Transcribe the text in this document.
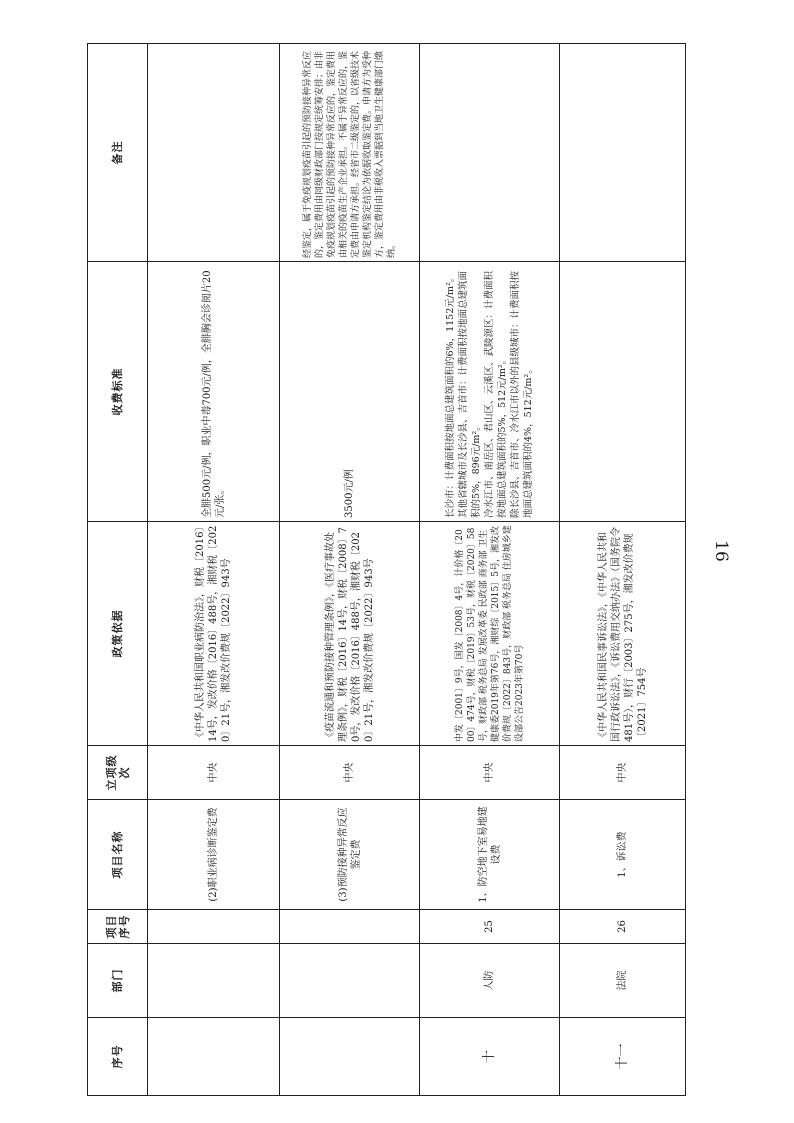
16
序号	部门	项目序号	项目名称	立项级次	政策依据	收费标准	备注
			(2)职业病诊断鉴定费	中央	《中华人民共和国职业病防治法》，财税〔2016〕14号，发改价格〔2016〕488号，湘财税〔2020〕21号，湘发改价费规〔2022〕943号	全腓500元/例，职业中毒700元/例，全腓胸会诊阅片20元/张。	
			(3)预防接种异常反应鉴定费	中央	《疫苗流通和预防接种管理条例》，《医疗事故处理条例》，财税〔2016〕14号，财税〔2008〕70号，发改价格〔2016〕488号，湘财税〔2020〕21号，湘发改价费规〔2022〕943号	3500元/例	经鉴定，属于免疫规划疫苗引起的预防接种异常反应的，鉴定费用由同级财政部门按规定统筹安排；由非免疫规划疫苗引起的预防接种异常反应的，鉴定费用由相关的疫苗生产企业承担。不属于异常反应的，鉴定费由申请方承担。经省市二级鉴定的，以省级技术鉴定机构鉴定结论为依据收取鉴定费。申请方为受种方，鉴定费用由非税收入票据到当地卫生健康部门缴纳。
十	人防	25	1、防空地下室易地建设费	中央	中发〔2001〕9号，国发〔2008〕4号，计价格〔2000〕474号，财税〔2019〕53号，财税〔2020〕58号，财政部 税务总局 发展改革委 民政部 商务部 卫生健康委2019年第76号，湘财综〔2015〕5号，湘发改价费规〔2022〕843号，财政部 税务总局 住房城乡建设部公告2023年第70号	长沙市：计费面积按地面总建筑面积的6%，1152元/m²。 其他省辖城市及长沙县、吉首市：计费面积按地面总建筑面积的5%，896元/m²。 冷水江市、南岳区、君山区、云溪区、武陵源区：计费面积按地面总建筑面积的5%，512元/m²。 除长沙县、吉首市、冷水江市以外的县级城市：计费面积按地面总建筑面积的4%，512元/m²。	

十一	法院	26	1、诉讼费	中央	《中华人民共和国民事诉讼法》，《中华人民共和国行政诉讼法》，《诉讼费用交纳办法》（国务院令481号），财行〔2003〕275号，湘发改价费规〔2021〕754号		
